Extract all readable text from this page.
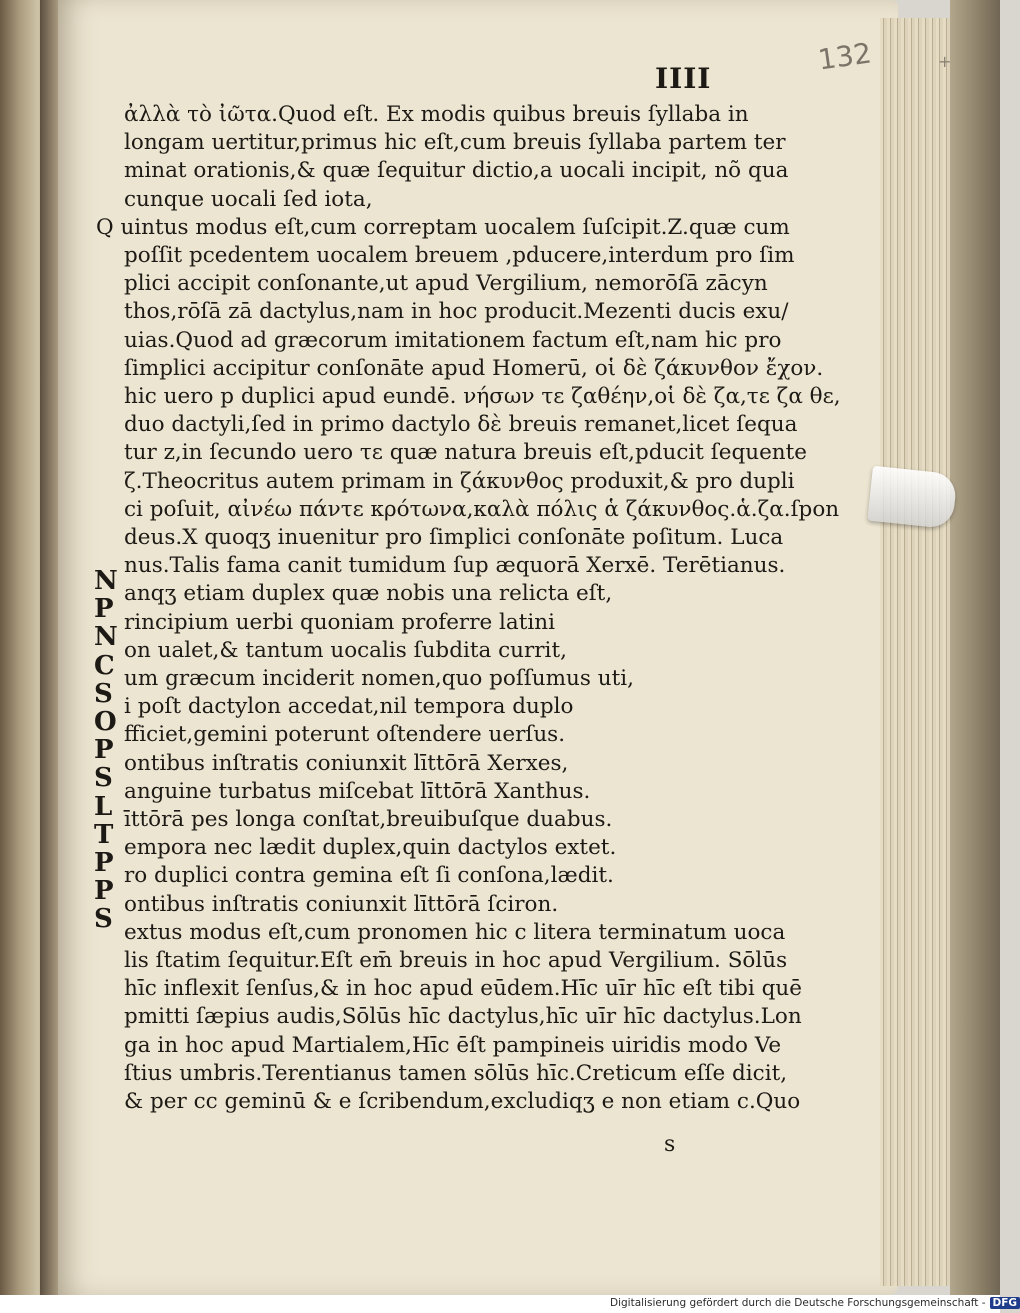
IIII
132	+
ἀλλὰ τὸ ἰῶτα.Quod eſt. Ex modis quibus breuis ſyllaba in
longam uertitur,primus hic eſt,cum breuis ſyllaba partem ter
minat orationis,& quæ ſequitur dictio,a uocali incipit, nõ qua
cunque uocali ſed iota,
Q uintus modus eſt,cum correptam uocalem ſuſcipit.Z.quæ cum
poſſit pcedentem uocalem breuem ,pducere,interdum pro ſim
plici accipit conſonante,ut apud Vergilium, nemorōſā zācyn
thos,rōſā zā dactylus,nam in hoc producit.Mezenti ducis exu/
uias.Quod ad græcorum imitationem factum eſt,nam hic pro
ſimplici accipitur conſonāte apud Homerū, οἱ δὲ ζάκυνθον ἔχον.
hic uero p duplici apud eundē. νήσων τε ζαθέην,οἱ δὲ ζα,τε ζα θε,
duo dactyli,ſed in primo dactylo δὲ breuis remanet,licet ſequa
tur z,in ſecundo uero τε quæ natura breuis eſt,pducit ſequente
ζ.Theocritus autem primam in ζάκυνθος produxit,& pro dupli
ci poſuit, αἰνέω πάντε κρότωνα,καλὰ πόλις ἁ ζάκυνθος.ἁ.ζα.ſpon
deus.X quoqʒ inuenitur pro ſimplici conſonāte poſitum. Luca
nus.Talis fama canit tumidum ſup æquorā Xerxē. Terētianus.
anqʒ etiam duplex quæ nobis una relicta eſt,
rincipium uerbi quoniam proferre latini
on ualet,& tantum uocalis ſubdita currit,
um græcum inciderit nomen,quo poſſumus uti,
i poſt dactylon accedat,nil tempora duplo
fficiet,gemini poterunt oſtendere uerſus.
ontibus inſtratis coniunxit līttōrā Xerxes,
anguine turbatus miſcebat līttōrā Xanthus.
īttōrā pes longa conſtat,breuibuſque duabus.
empora nec lædit duplex,quin dactylos extet.
ro duplici contra gemina eſt ſi conſona,lædit.
ontibus inſtratis coniunxit līttōrā ſciron.
extus modus eſt,cum pronomen hic c litera terminatum uoca
lis ſtatim ſequitur.Eſt em̄ breuis in hoc apud Vergilium. Sōlūs
hīc inflexit ſenſus,& in hoc apud eūdem.Hīc uīr hīc eſt tibi quē
pmitti ſæpius audis,Sōlūs hīc dactylus,hīc uīr hīc dactylus.Lon
ga in hoc apud Martialem,Hīc ēſt pampineis uiridis modo Ve
ſtius umbris.Terentianus tamen sōlūs hīc.Creticum eſſe dicit,
& per cc geminū & e ſcribendum,excludiqʒ e non etiam c.Quo
N
P
N
C
S
O
P
S
L
T
P
P
S
s
Digitalisierung gefördert durch die Deutsche Forschungsgemeinschaft - DFG
